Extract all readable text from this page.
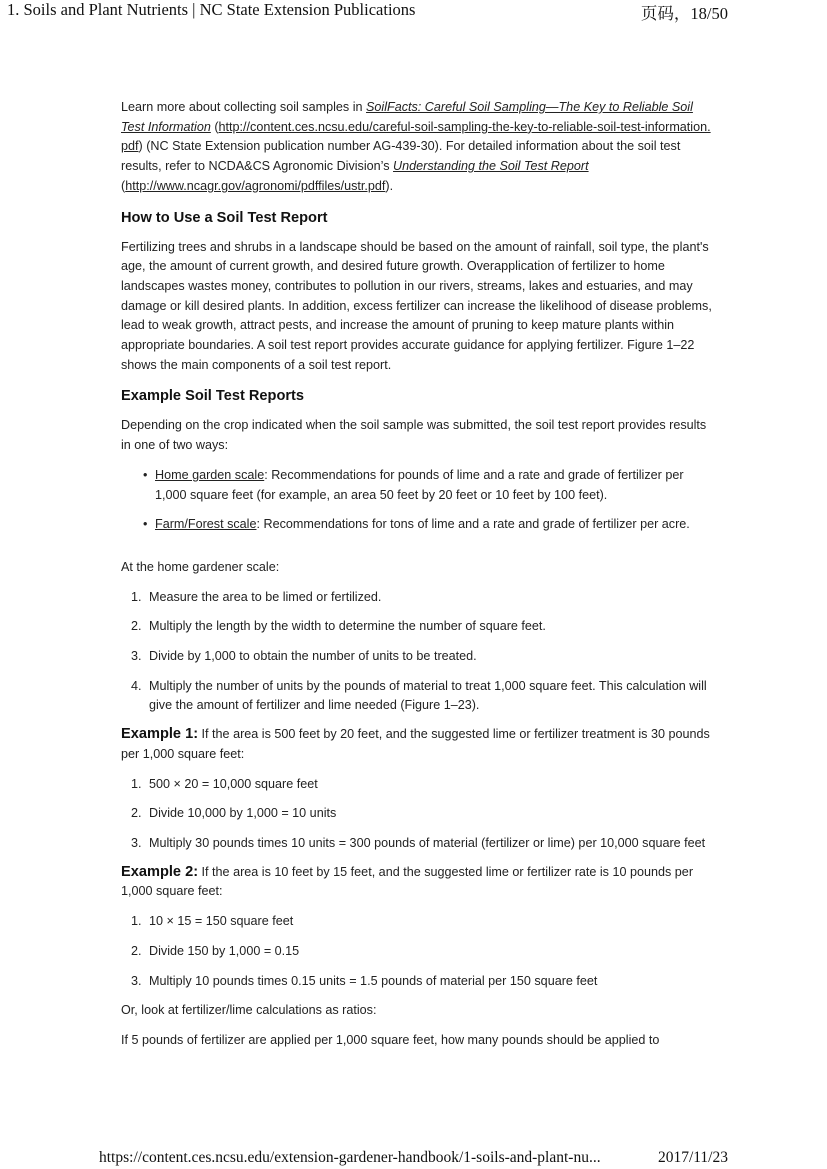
1. Soils and Plant Nutrients | NC State Extension Publications	页码，18/50

Learn more about collecting soil samples in SoilFacts: Careful Soil Sampling—The Key to Reliable Soil Test Information (http://content.ces.ncsu.edu/careful-soil-sampling-the-key-to-reliable-soil-test-information.pdf) (NC State Extension publication number AG-439-30). For detailed information about the soil test results, refer to NCDA&CS Agronomic Division’s Understanding the Soil Test Report (http://www.ncagr.gov/agronomi/pdffiles/ustr.pdf).

How to Use a Soil Test Report

Fertilizing trees and shrubs in a landscape should be based on the amount of rainfall, soil type, the plant's age, the amount of current growth, and desired future growth. Overapplication of fertilizer to home landscapes wastes money, contributes to pollution in our rivers, streams, lakes and estuaries, and may damage or kill desired plants. In addition, excess fertilizer can increase the likelihood of disease problems, lead to weak growth, attract pests, and increase the amount of pruning to keep mature plants within appropriate boundaries. A soil test report provides accurate guidance for applying fertilizer. Figure 1–22 shows the main components of a soil test report.

Example Soil Test Reports

Depending on the crop indicated when the soil sample was submitted, the soil test report provides results in one of two ways:

• Home garden scale: Recommendations for pounds of lime and a rate and grade of fertilizer per 1,000 square feet (for example, an area 50 feet by 20 feet or 10 feet by 100 feet).
• Farm/Forest scale: Recommendations for tons of lime and a rate and grade of fertilizer per acre.

At the home gardener scale:

1. Measure the area to be limed or fertilized.
2. Multiply the length by the width to determine the number of square feet.
3. Divide by 1,000 to obtain the number of units to be treated.
4. Multiply the number of units by the pounds of material to treat 1,000 square feet. This calculation will give the amount of fertilizer and lime needed (Figure 1–23).

Example 1: If the area is 500 feet by 20 feet, and the suggested lime or fertilizer treatment is 30 pounds per 1,000 square feet:

1. 500 × 20 = 10,000 square feet
2. Divide 10,000 by 1,000 = 10 units
3. Multiply 30 pounds times 10 units = 300 pounds of material (fertilizer or lime) per 10,000 square feet

Example 2: If the area is 10 feet by 15 feet, and the suggested lime or fertilizer rate is 10 pounds per 1,000 square feet:

1. 10 × 15 = 150 square feet
2. Divide 150 by 1,000 = 0.15
3. Multiply 10 pounds times 0.15 units = 1.5 pounds of material per 150 square feet

Or, look at fertilizer/lime calculations as ratios:

If 5 pounds of fertilizer are applied per 1,000 square feet, how many pounds should be applied to

https://content.ces.ncsu.edu/extension-gardener-handbook/1-soils-and-plant-nu...	2017/11/23
